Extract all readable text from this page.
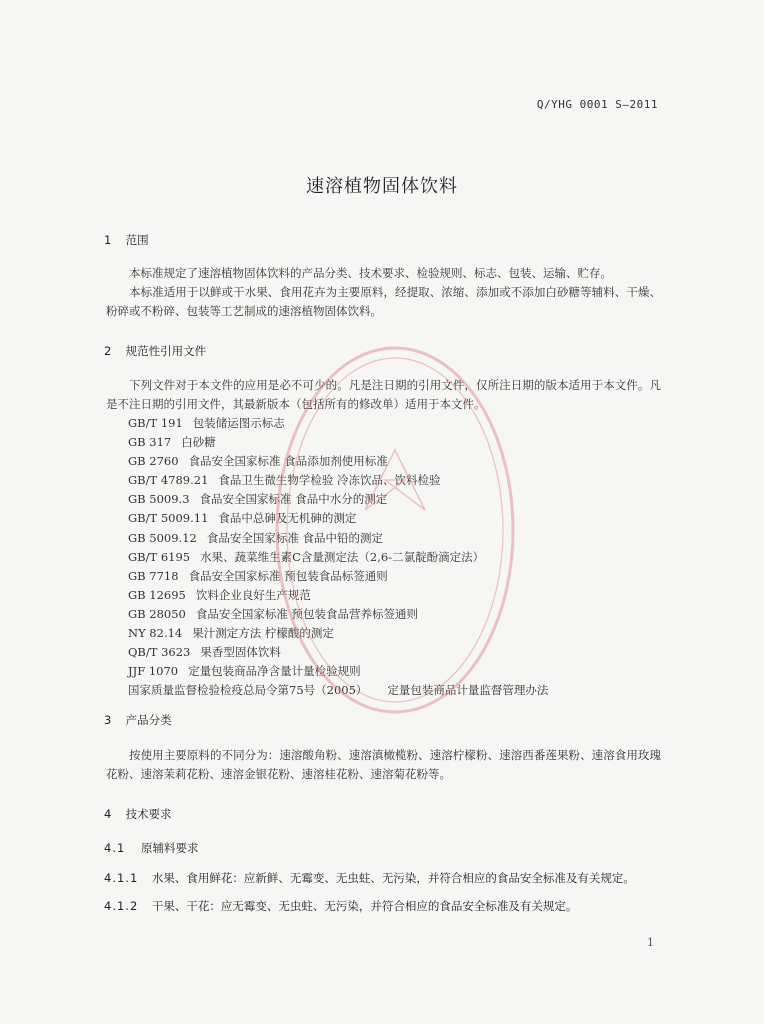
Q/YHG 0001 S—2011
速溶植物固体饮料
1 范围
本标准规定了速溶植物固体饮料的产品分类、技术要求、检验规则、标志、包装、运输、贮存。
本标准适用于以鲜或干水果、食用花卉为主要原料，经提取、浓缩、添加或不添加白砂糖等辅料、干燥、粉碎或不粉碎、包装等工艺制成的速溶植物固体饮料。
2 规范性引用文件
下列文件对于本文件的应用是必不可少的。凡是注日期的引用文件，仅所注日期的版本适用于本文件。凡是不注日期的引用文件，其最新版本（包括所有的修改单）适用于本文件。
GB/T 191 包装储运图示标志
GB 317 白砂糖
GB 2760 食品安全国家标准 食品添加剂使用标准
GB/T 4789.21 食品卫生微生物学检验 冷冻饮品、饮料检验
GB 5009.3 食品安全国家标准 食品中水分的测定
GB/T 5009.11 食品中总砷及无机砷的测定
GB 5009.12 食品安全国家标准 食品中铅的测定
GB/T 6195 水果、蔬菜维生素C含量测定法（2,6-二氯靛酚滴定法）
GB 7718 食品安全国家标准 预包装食品标签通则
GB 12695 饮料企业良好生产规范
GB 28050 食品安全国家标准 预包装食品营养标签通则
NY 82.14 果汁测定方法 柠檬酸的测定
QB/T 3623 果香型固体饮料
JJF 1070 定量包装商品净含量计量检验规则
国家质量监督检验检疫总局令第75号（2005） 定量包装商品计量监督管理办法
3 产品分类
按使用主要原料的不同分为：速溶酸角粉、速溶滇橄榄粉、速溶柠檬粉、速溶西番莲果粉、速溶食用玫瑰花粉、速溶茉莉花粉、速溶金银花粉、速溶桂花粉、速溶菊花粉等。
4 技术要求
4.1 原辅料要求
4.1.1 水果、食用鲜花：应新鲜、无霉变、无虫蛀、无污染，并符合相应的食品安全标准及有关规定。
4.1.2 干果、干花：应无霉变、无虫蛀、无污染，并符合相应的食品安全标准及有关规定。
1
